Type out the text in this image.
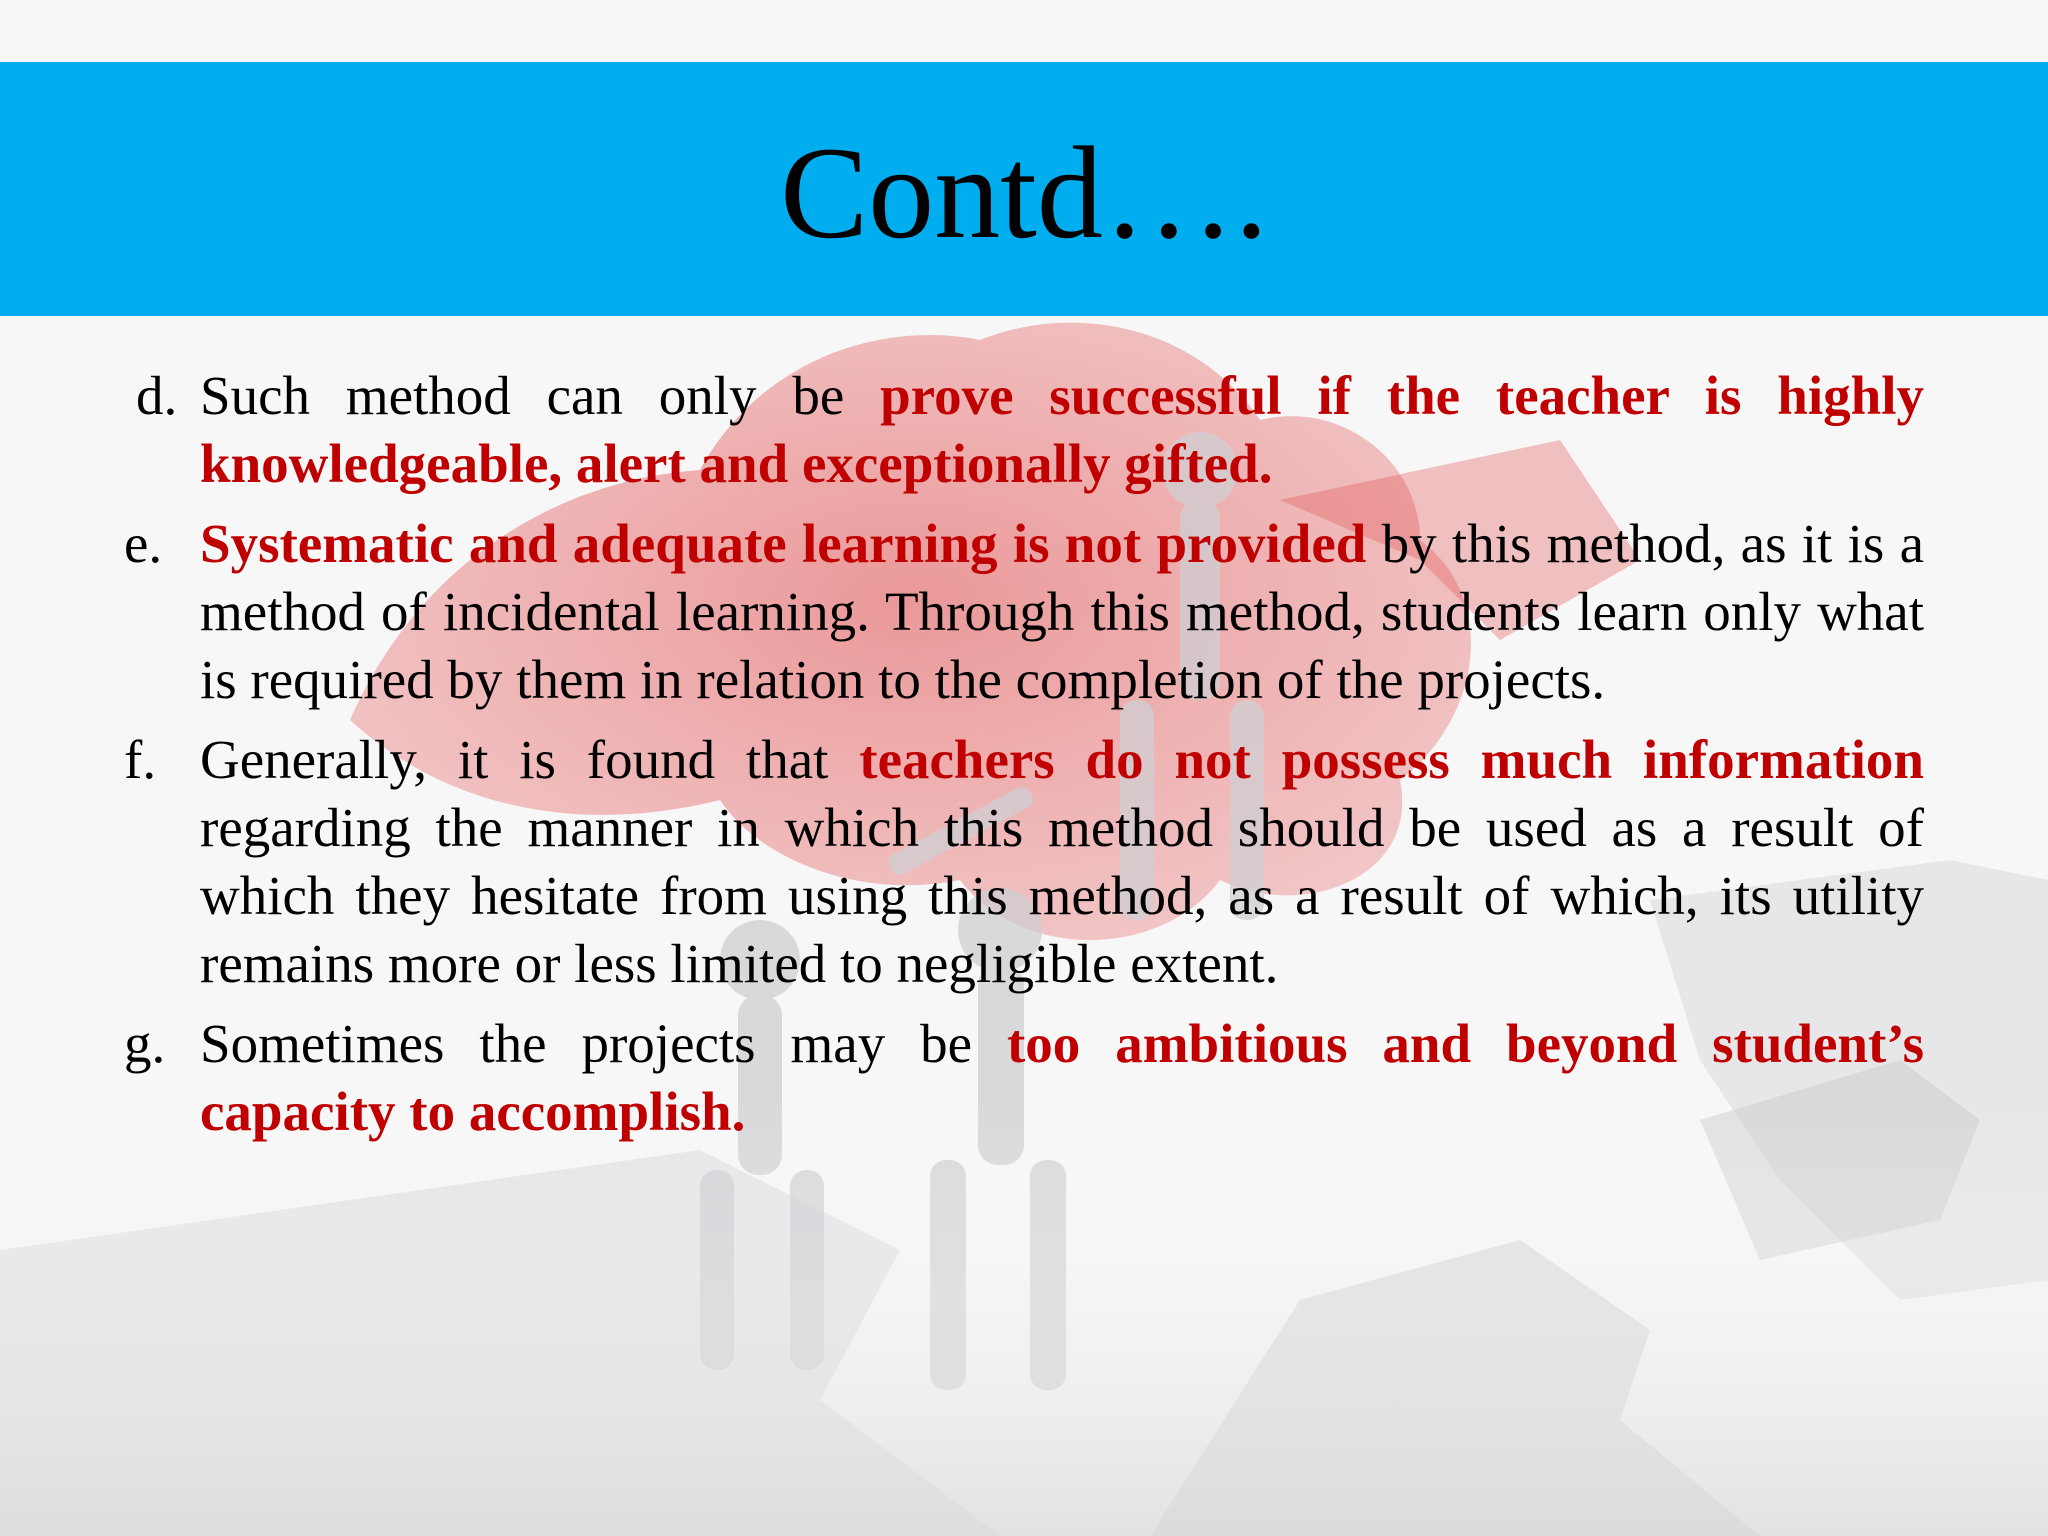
Contd….
d. Such method can only be prove successful if the teacher is highly knowledgeable, alert and exceptionally gifted.
e. Systematic and adequate learning is not provided by this method, as it is a method of incidental learning. Through this method, students learn only what is required by them in relation to the completion of the projects.
f. Generally, it is found that teachers do not possess much information regarding the manner in which this method should be used as a result of which they hesitate from using this method, as a result of which, its utility remains more or less limited to negligible extent.
g. Sometimes the projects may be too ambitious and beyond student’s capacity to accomplish.
